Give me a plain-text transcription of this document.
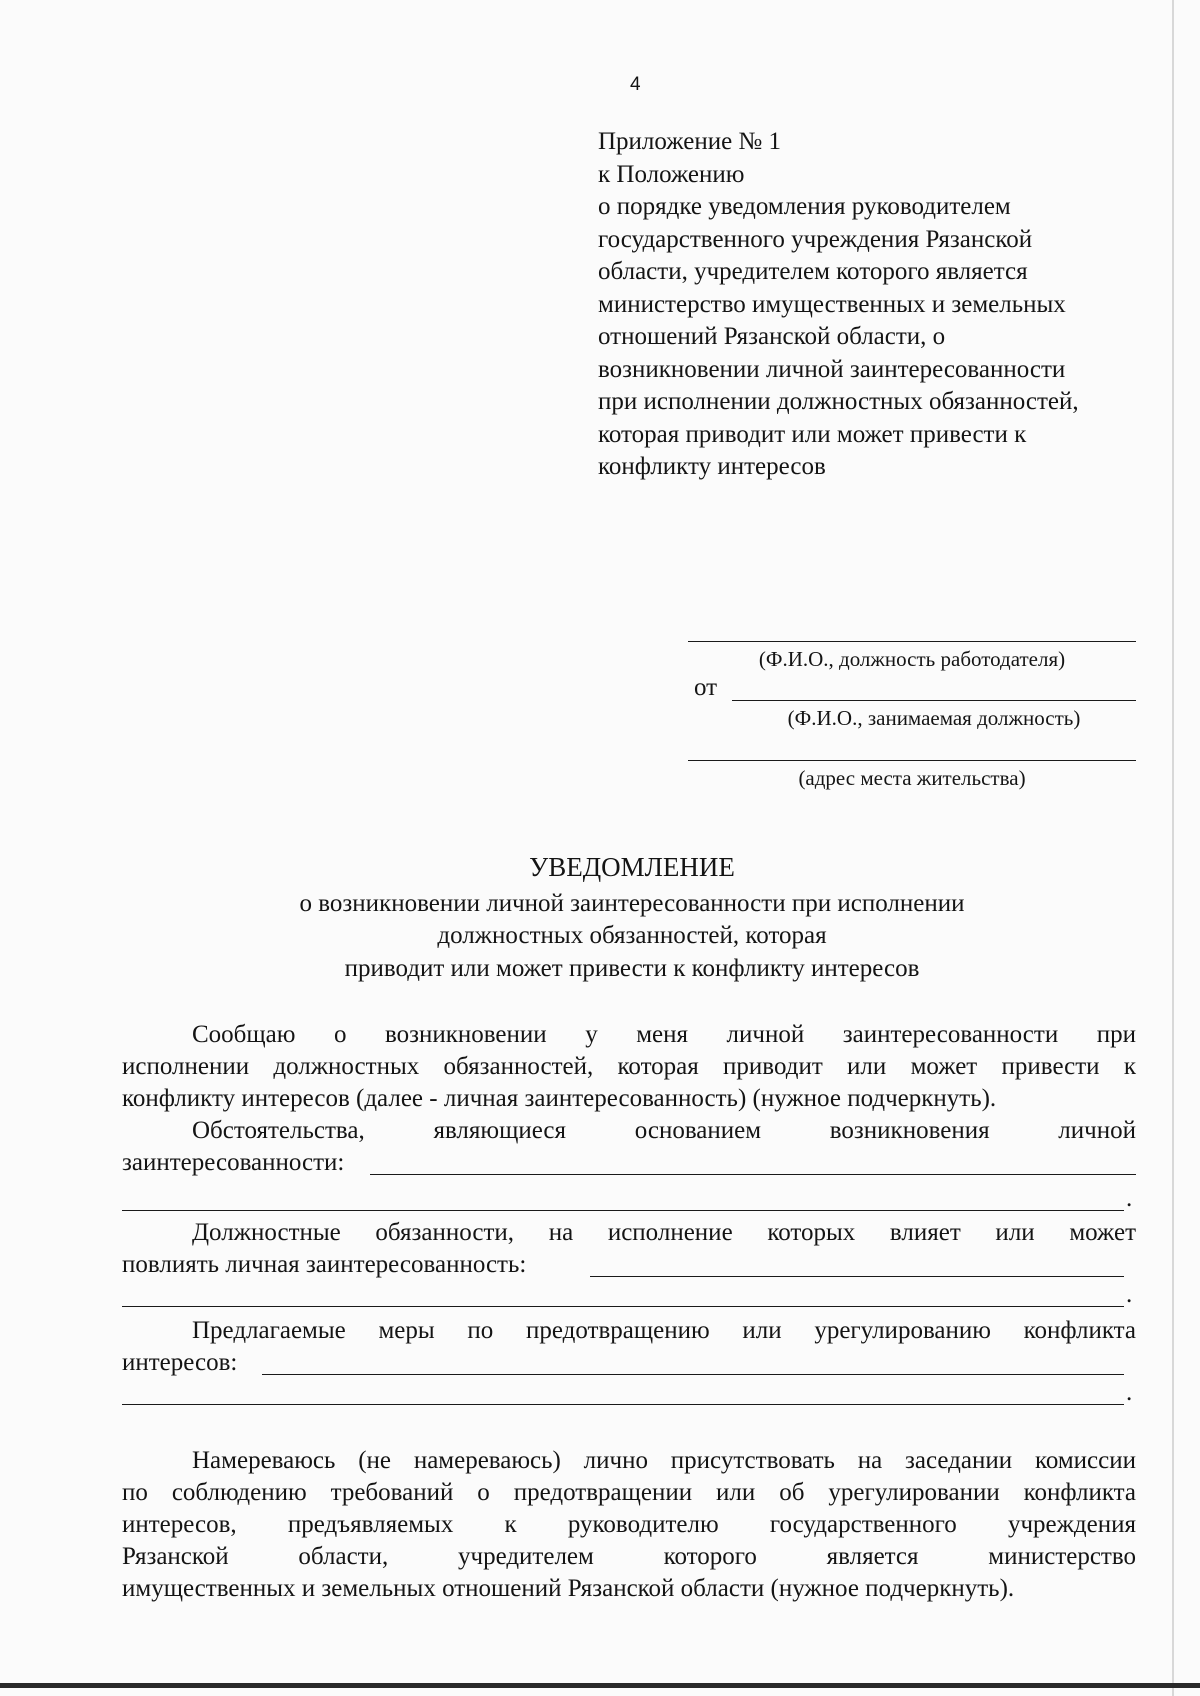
4
Приложение № 1
к Положению
о порядке уведомления руководителем
государственного учреждения Рязанской
области, учредителем которого является
министерство имущественных и земельных
отношений Рязанской области, о
возникновении личной заинтересованности
при исполнении должностных обязанностей,
которая приводит или может привести к
конфликту интересов
(Ф.И.О., должность работодателя)
от
(Ф.И.О., занимаемая должность)
(адрес места жительства)
УВЕДОМЛЕНИЕ
о возникновении личной заинтересованности при исполнении
должностных обязанностей, которая
приводит или может привести к конфликту интересов
Сообщаю о возникновении у меня личной заинтересованности при
исполнении должностных обязанностей, которая приводит или может привести к
конфликту интересов (далее - личная заинтересованность) (нужное подчеркнуть).
Обстоятельства, являющиеся основанием возникновения личной
заинтересованности:
.
Должностные обязанности, на исполнение которых влияет или может
повлиять личная заинтересованность:
.
Предлагаемые меры по предотвращению или урегулированию конфликта
интересов:
.
Намереваюсь (не намереваюсь) лично присутствовать на заседании комиссии
по соблюдению требований о предотвращении или об урегулировании конфликта
интересов, предъявляемых к руководителю государственного учреждения
Рязанской области, учредителем которого является министерство
имущественных и земельных отношений Рязанской области (нужное подчеркнуть).
